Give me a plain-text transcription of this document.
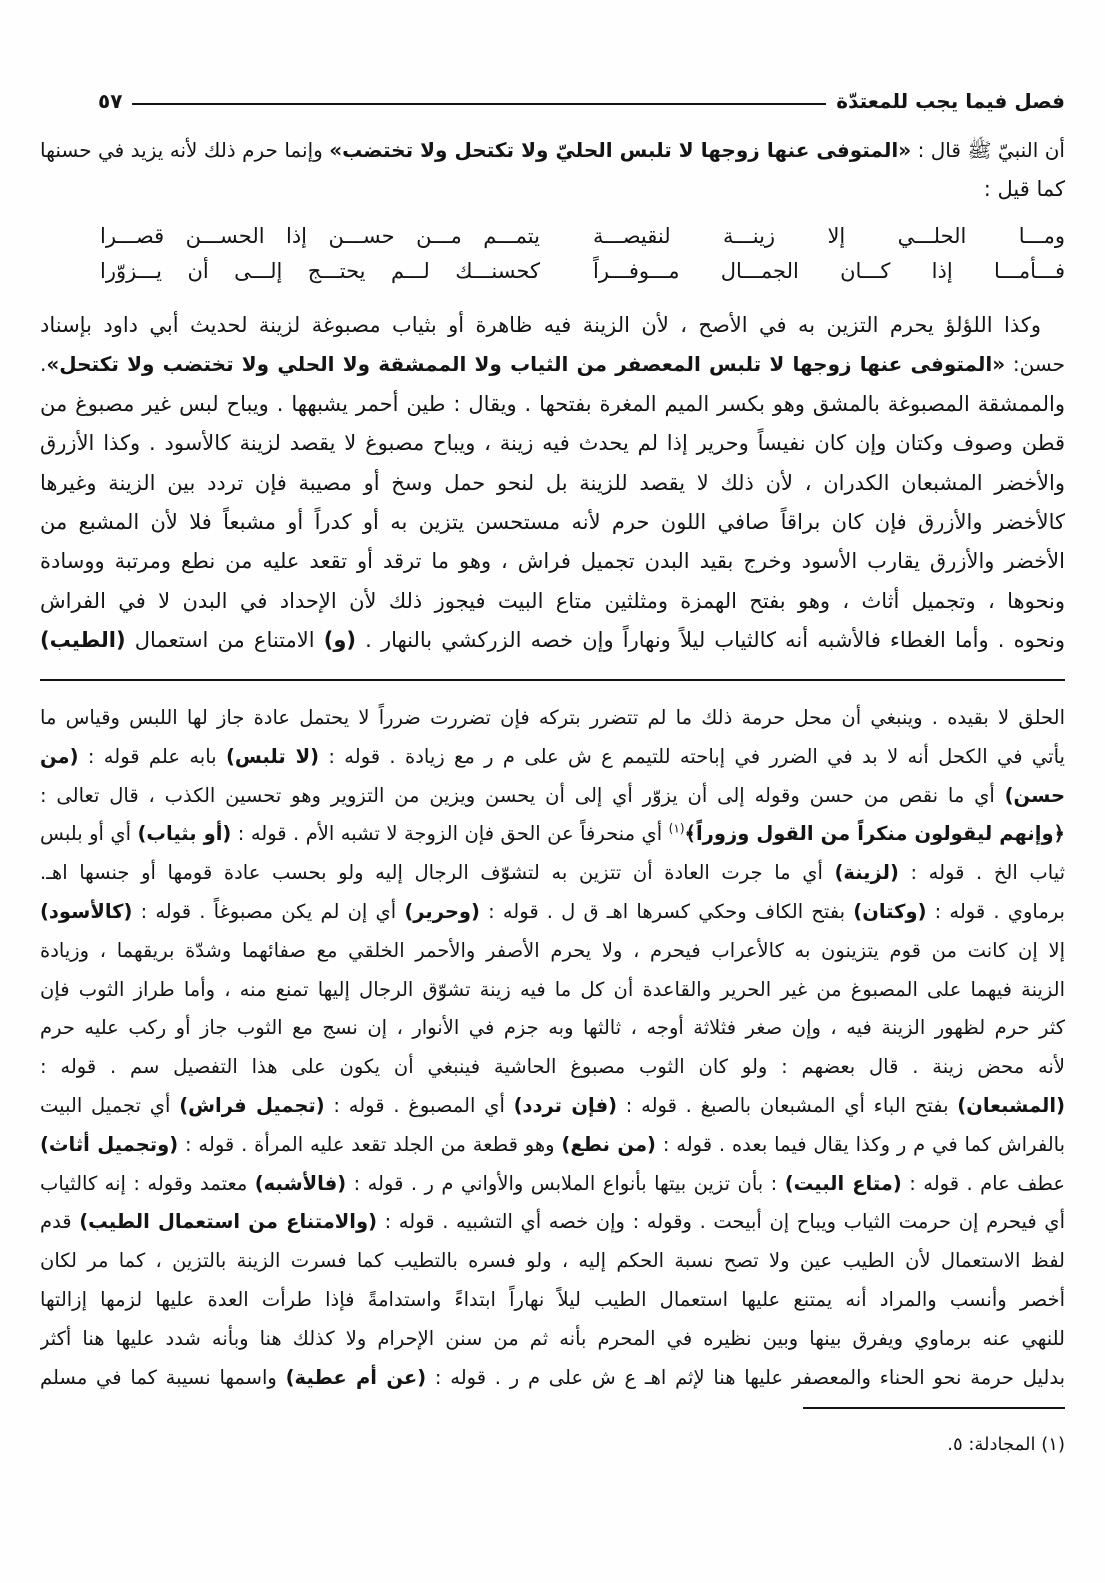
فصل فيما يجب للمعتدّة
٥٧
أن النبيّ ﷺ قال : «المتوفى عنها زوجها لا تلبس الحليّ ولا تكتحل ولا تختضب» وإنما حرم ذلك لأنه يزيد في حسنها
كما قيل :
ومـــا الحلـــي إلا زينـــة لنقيصـــة
يتمـــم مـــن حســـن إذا الحســـن قصـــرا
فـــأمـــا إذا كـــان الجمـــال مـــوفـــراً
كحسنـــك لـــم يحتـــج إلـــى أن يـــزوّرا
وكذا اللؤلؤ يحرم التزين به في الأصح ، لأن الزينة فيه ظاهرة أو بثياب مصبوغة لزينة لحديث أبي داود بإسناد
حسن: «المتوفى عنها زوجها لا تلبس المعصفر من الثياب ولا الممشقة ولا الحلي ولا تختضب ولا تكتحل».
والممشقة المصبوغة بالمشق وهو بكسر الميم المغرة بفتحها . ويقال : طين أحمر يشبهها . ويباح لبس غير مصبوغ من
قطن وصوف وكتان وإن كان نفيساً وحرير إذا لم يحدث فيه زينة ، ويباح مصبوغ لا يقصد لزينة كالأسود . وكذا الأزرق
والأخضر المشبعان الكدران ، لأن ذلك لا يقصد للزينة بل لنحو حمل وسخ أو مصيبة فإن تردد بين الزينة وغيرها
كالأخضر والأزرق فإن كان براقاً صافي اللون حرم لأنه مستحسن يتزين به أو كدراً أو مشبعاً فلا لأن المشبع من
الأخضر والأزرق يقارب الأسود وخرج بقيد البدن تجميل فراش ، وهو ما ترقد أو تقعد عليه من نطع ومرتبة ووسادة
ونحوها ، وتجميل أثاث ، وهو بفتح الهمزة ومثلثين متاع البيت فيجوز ذلك لأن الإحداد في البدن لا في الفراش
ونحوه . وأما الغطاء فالأشبه أنه كالثياب ليلاً ونهاراً وإن خصه الزركشي بالنهار . (و) الامتناع من استعمال (الطيب)
الحلق لا بقيده . وينبغي أن محل حرمة ذلك ما لم تتضرر بتركه فإن تضررت ضرراً لا يحتمل عادة جاز لها اللبس وقياس ما
يأتي في الكحل أنه لا بد في الضرر في إباحته للتيمم ع ش على م ر مع زيادة . قوله : (لا تلبس) بابه علم قوله : (من
حسن) أي ما نقص من حسن وقوله إلى أن يزوّر أي إلى أن يحسن ويزين من التزوير وهو تحسين الكذب ، قال تعالى :
﴿وإنهم ليقولون منكراً من القول وزوراً﴾$^{(١)}$ أي منحرفاً عن الحق فإن الزوجة لا تشبه الأم . قوله : (أو بثياب) أي أو بلبس
ثياب الخ . قوله : (لزينة) أي ما جرت العادة أن تتزين به لتشوّف الرجال إليه ولو بحسب عادة قومها أو جنسها اهـ.
برماوي . قوله : (وكتان) بفتح الكاف وحكي كسرها اهـ ق ل . قوله : (وحرير) أي إن لم يكن مصبوغاً . قوله : (كالأسود)
إلا إن كانت من قوم يتزينون به كالأعراب فيحرم ، ولا يحرم الأصفر والأحمر الخلقي مع صفائهما وشدّة بريقهما ، وزيادة
الزينة فيهما على المصبوغ من غير الحرير والقاعدة أن كل ما فيه زينة تشوّق الرجال إليها تمنع منه ، وأما طراز الثوب فإن
كثر حرم لظهور الزينة فيه ، وإن صغر فثلاثة أوجه ، ثالثها وبه جزم في الأنوار ، إن نسج مع الثوب جاز أو ركب عليه حرم
لأنه محض زينة . قال بعضهم : ولو كان الثوب مصبوغ الحاشية فينبغي أن يكون على هذا التفصيل سم . قوله :
(المشبعان) بفتح الباء أي المشبعان بالصبغ . قوله : (فإن تردد) أي المصبوغ . قوله : (تجميل فراش) أي تجميل البيت
بالفراش كما في م ر وكذا يقال فيما بعده . قوله : (من نطع) وهو قطعة من الجلد تقعد عليه المرأة . قوله : (وتجميل أثاث)
عطف عام . قوله : (متاع البيت) : بأن تزين بيتها بأنواع الملابس والأواني م ر . قوله : (فالأشبه) معتمد وقوله : إنه كالثياب
أي فيحرم إن حرمت الثياب ويباح إن أبيحت . وقوله : وإن خصه أي التشبيه . قوله : (والامتناع من استعمال الطيب) قدم
لفظ الاستعمال لأن الطيب عين ولا تصح نسبة الحكم إليه ، ولو فسره بالتطيب كما فسرت الزينة بالتزين ، كما مر لكان
أخصر وأنسب والمراد أنه يمتنع عليها استعمال الطيب ليلاً نهاراً ابتداءً واستدامةً فإذا طرأت العدة عليها لزمها إزالتها
للنهي عنه برماوي ويفرق بينها وبين نظيره في المحرم بأنه ثم من سنن الإحرام ولا كذلك هنا وبأنه شدد عليها هنا أكثر
بدليل حرمة نحو الحناء والمعصفر عليها هنا لإثم اهـ ع ش على م ر . قوله : (عن أم عطية) واسمها نسيبة كما في مسلم
(١) المجادلة: ٥.
